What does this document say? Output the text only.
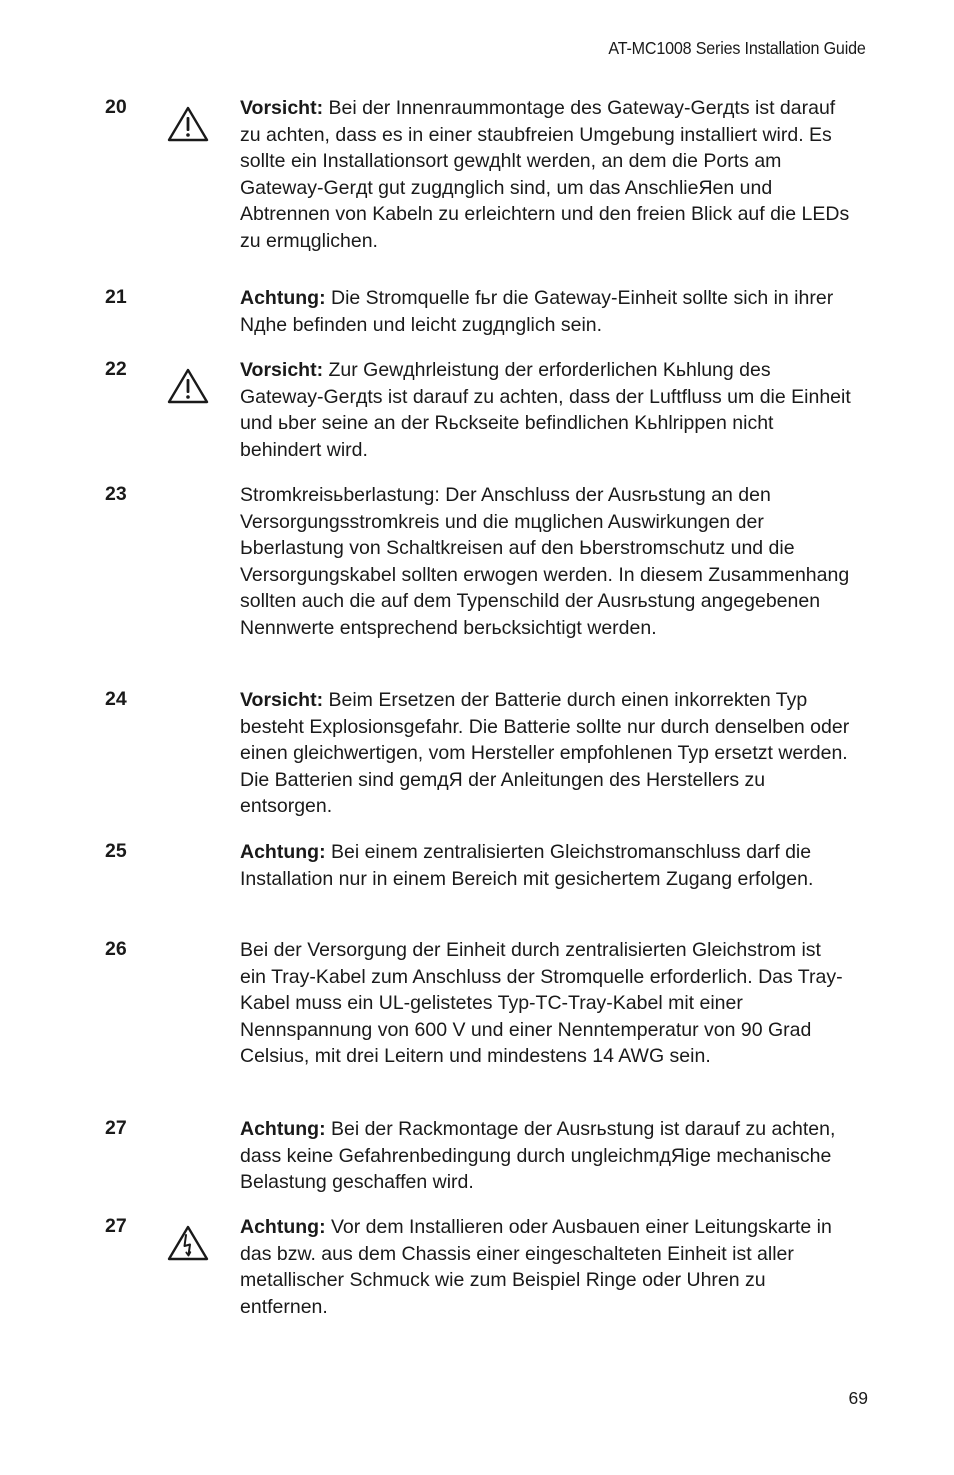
AT-MC1008 Series Installation Guide
20	Vorsicht: Bei der Innenraummontage des Gateway-Gerдts ist darauf zu achten, dass es in einer staubfreien Umgebung installiert wird. Es sollte ein Installationsort gewдhlt werden, an dem die Ports am Gateway-Gerдt gut zugдnglich sind, um das AnschlieЯen und Abtrennen von Kabeln zu erleichtern und den freien Blick auf die LEDs zu ermцglichen.
21	Achtung: Die Stromquelle fьr die Gateway-Einheit sollte sich in ihrer Nдhe befinden und leicht zugдnglich sein.
22	Vorsicht: Zur Gewдhrleistung der erforderlichen Kьhlung des Gateway-Gerдts ist darauf zu achten, dass der Luftfluss um die Einheit und ьber seine an der Rьckseite befindlichen Kьhlrippen nicht behindert wird.
23	Stromkreisьberlastung: Der Anschluss der Ausrьstung an den Versorgungsstromkreis und die mцglichen Auswirkungen der Ьberlastung von Schaltkreisen auf den Ьberstromschutz und die Versorgungskabel sollten erwogen werden. In diesem Zusammenhang sollten auch die auf dem Typenschild der Ausrьstung angegebenen Nennwerte entsprechend berьcksichtigt werden.
24	Vorsicht: Beim Ersetzen der Batterie durch einen inkorrekten Typ besteht Explosionsgefahr. Die Batterie sollte nur durch denselben oder einen gleichwertigen, vom Hersteller empfohlenen Typ ersetzt werden. Die Batterien sind gemдЯ der Anleitungen des Herstellers zu entsorgen.
25	Achtung: Bei einem zentralisierten Gleichstromanschluss darf die Installation nur in einem Bereich mit gesichertem Zugang erfolgen.
26	Bei der Versorgung der Einheit durch zentralisierten Gleichstrom ist ein Tray-Kabel zum Anschluss der Stromquelle erforderlich. Das Tray-Kabel muss ein UL-gelistetes Typ-TC-Tray-Kabel mit einer Nennspannung von 600 V und einer Nenntemperatur von 90 Grad Celsius, mit drei Leitern und mindestens 14 AWG sein.
27	Achtung: Bei der Rackmontage der Ausrьstung ist darauf zu achten, dass keine Gefahrenbedingung durch ungleichmдЯige mechanische Belastung geschaffen wird.
27	Achtung: Vor dem Installieren oder Ausbauen einer Leitungskarte in das bzw. aus dem Chassis einer eingeschalteten Einheit ist aller metallischer Schmuck wie zum Beispiel Ringe oder Uhren zu entfernen.
69
